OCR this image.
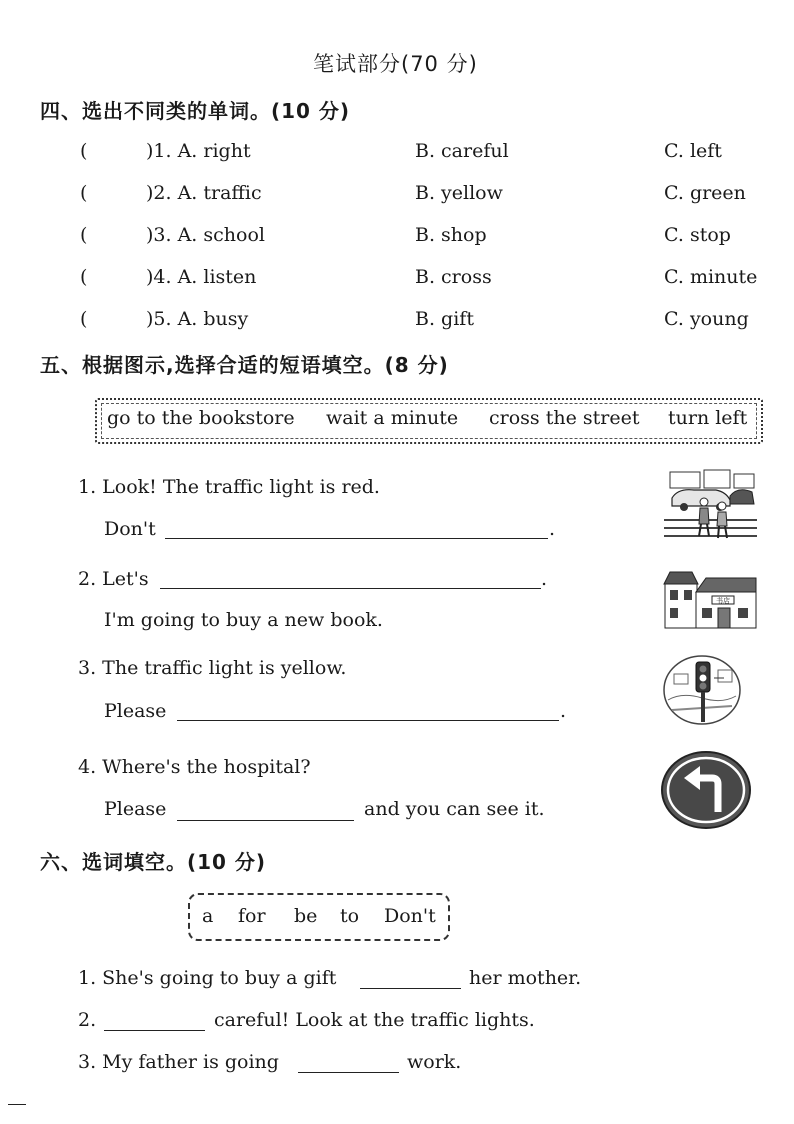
笔试部分(70 分)
四、选出不同类的单词。(10 分)
(	)1. A. right	B. careful	C. left
(	)2. A. traffic	B. yellow	C. green
(	)3. A. school	B. shop	C. stop
(	)4. A. listen	B. cross	C. minute
(	)5. A. busy	B. gift	C. young
五、根据图示,选择合适的短语填空。(8 分)
go to the bookstore wait a minute cross the street turn left
1. Look! The traffic light is red.
Don't	.
2. Let's	.
I'm going to buy a new book.
3. The traffic light is yellow.
Please	.
4. Where's the hospital?
Please	and you can see it.
书店
六、选词填空。(10 分)
a for be to Don't
1. She's going to buy a gift	her mother.
2.	careful! Look at the traffic lights.
3. My father is going	work.
